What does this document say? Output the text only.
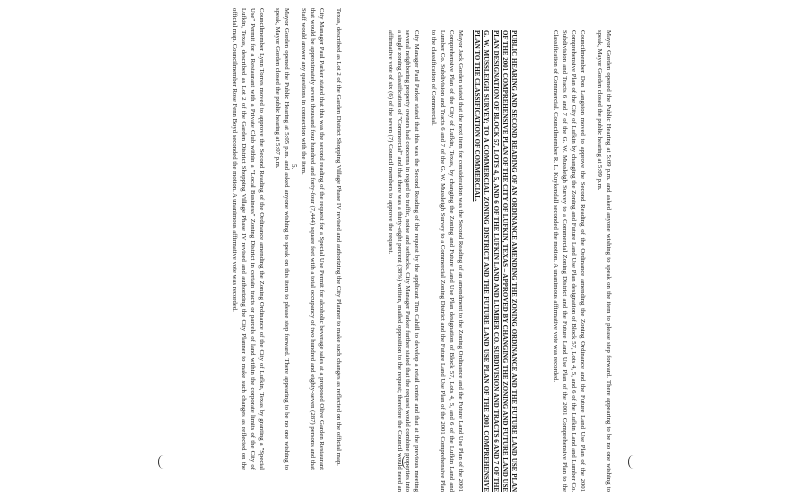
Texas, described as Lot 2 of the Garden District Shopping Village Phase IV revised and authorizing the City Planner to make such changes as reflected on the official map.

City Manager Paul Parker stated that this was the second reading of the request for a Special Use Permit for alcoholic beverage sales at a proposed Olive Garden Restaurant that would be approximately seven thousand four hundred and forty-four (7,444) square feet with a total occupancy of two hundred and eighty-seven (287) persons and that Staff would answer any questions in connection with the item.

Mayor Gorden opened the Public Hearing at 5:05 p.m. and asked anyone wishing to speak on this item to please step forward. There appearing to be no one wishing to speak, Mayor Gorden closed the public hearing at 5:07 p.m.

Councilmember Lynn Torres moved to approve the Second Reading of the Ordinance amending the Zoning Ordinance of the City of Lufkin, Texas by granting a "Special Use" Permit for a Restaurant with a Private Club within a "Local Business" Zoning District in certain tracts or parcels of land within the corporate limits of the City of Lufkin, Texas, described as Lot 2 of the Garden District Shopping Village Phase IV revised and authorizing the City Planner to make such changes as reflected on the official map. Councilmember Rose Fenn Boyd seconded the motion. A unanimous affirmative vote was recorded.	5.	PUBLIC HEARING AND SECOND READING OF AN ORDINANCE AMENDING THE ZONING ORDINANCE AND THE FUTURE LAND USE PLAN OF THE 2001 COMPREHENSIVE PLAN OF THE CITY OF LUFKIN, TEXAS – APPROVED BY CHANGING THE ZONING AND FUTURE LAND USE PLAN DESIGNATION OF BLOCK 57, LOTS 4, 5, AND 6 OF THE LUFKIN LAND AND LUMBER CO. SUBDIVISION AND TRACTS 6 AND 7 OF THE G. W. MUSSLEIGH SURVEY; TO A COMMERCIAL ZONING DISTRICT AND THE FUTURE LAND USE PLAN OF THE 2001 COMPREHENSIVE PLAN TO THE CLASSIFICATION OF COMMERCIAL.

Mayor Jack Gorden stated that the next item for consideration was the Second Reading of an amendment to the Zoning Ordinance and the Future Land Use Plan of the 2001 Comprehensive Plan of the City of Lufkin, Texas, by changing the Zoning and Future Land Use Plan designation of Block 57, Lots 4, 5, and 6 of the Lufkin Land and Lumber Co. Subdivision and Tracts 6 and 7 of the G. W. Mussleigh Survey to a Commercial Zoning District and the Future Land Use Plan of the 2001 Comprehensive Plan to the classification of Commercial.

City Manager Paul Parker stated that this was the Second Reading of the request by the applicant Tim Cahill to develop a retail center and that at the previous meeting several neighboring property owners had concerns in regard to traffic, noise and setbacks. City Manager Parker further stated that the request would combine properties into a single zoning classification of "Commercial" and that there was a thirty-eight percent (38%) written, mailed opposition to the request; therefore the Council would need an affirmative vote of six (6) of the seven (7) Council members to approve the request.	Mayor Gorden opened the Public Hearing at 5:09 p.m. and asked anyone wishing to speak on the item to please step forward. There appearing to be no one wishing to speak, Mayor Gorden closed the public hearing at 5:09 p.m.

Councilmember Don Langston moved to approve the Second Reading of the Ordinance amending the Zoning Ordinance and the Future Land Use Plan of the 2001 Comprehensive Plan of the City of Lufkin by changing the Zoning and Future Land Use Plan designation of Block 57, Lots 4, 5, and 6 of the Lufkin Land and Lumber Co. Subdivision and Tracts 6 and 7 of the G. W. Mussleigh Survey to a Commercial Zoning District and the Future Land Use Plan of the 2001 Comprehensive Plan to the Classification of Commercial. Councilmember R. L. Kuykendall seconded the motion. A unanimous affirmative vote was recorded.
